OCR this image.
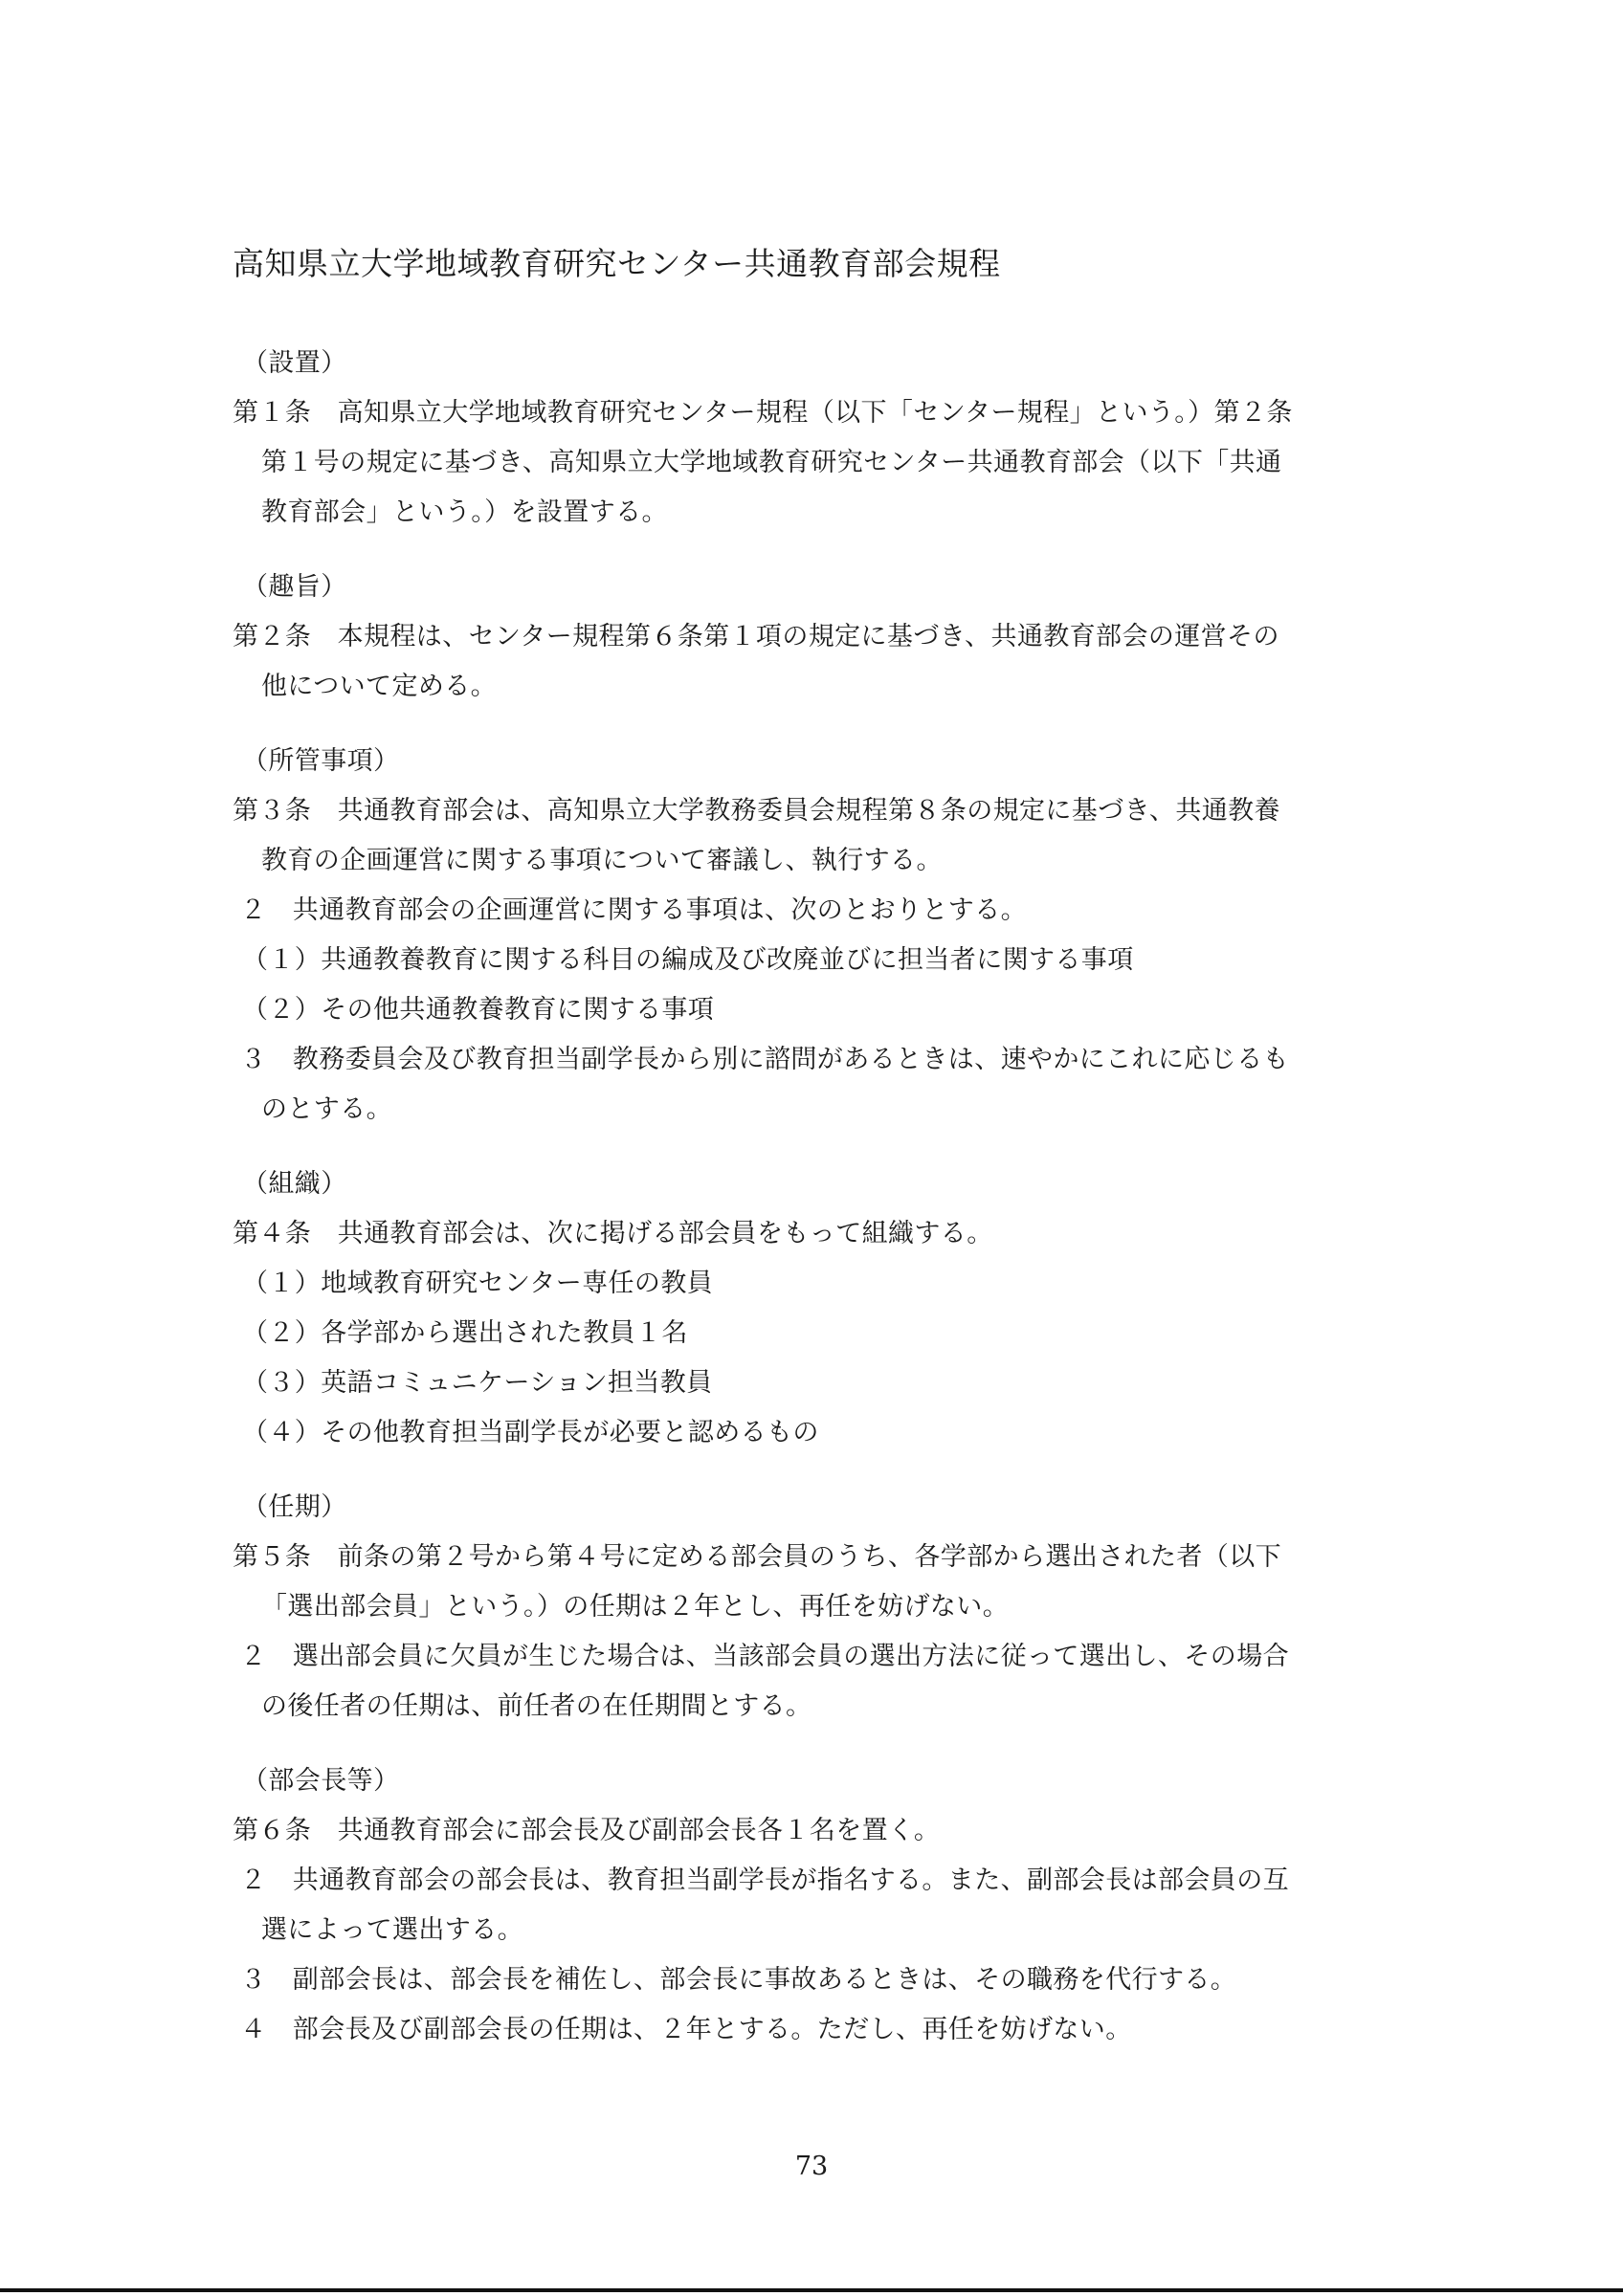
高知県立大学地域教育研究センター共通教育部会規程
（設置）
第１条　高知県立大学地域教育研究センター規程（以下「センター規程」という。）第２条
第１号の規定に基づき、高知県立大学地域教育研究センター共通教育部会（以下「共通
教育部会」という。）を設置する。
（趣旨）
第２条　本規程は、センター規程第６条第１項の規定に基づき、共通教育部会の運営その
他について定める。
（所管事項）
第３条　共通教育部会は、高知県立大学教務委員会規程第８条の規定に基づき、共通教養
教育の企画運営に関する事項について審議し、執行する。
２　共通教育部会の企画運営に関する事項は、次のとおりとする。
（１）共通教養教育に関する科目の編成及び改廃並びに担当者に関する事項
（２）その他共通教養教育に関する事項
３　教務委員会及び教育担当副学長から別に諮問があるときは、速やかにこれに応じるも
のとする。
（組織）
第４条　共通教育部会は、次に掲げる部会員をもって組織する。
（１）地域教育研究センター専任の教員
（２）各学部から選出された教員１名
（３）英語コミュニケーション担当教員
（４）その他教育担当副学長が必要と認めるもの
（任期）
第５条　前条の第２号から第４号に定める部会員のうち、各学部から選出された者（以下
「選出部会員」という。）の任期は２年とし、再任を妨げない。
２　選出部会員に欠員が生じた場合は、当該部会員の選出方法に従って選出し、その場合
の後任者の任期は、前任者の在任期間とする。
（部会長等）
第６条　共通教育部会に部会長及び副部会長各１名を置く。
２　共通教育部会の部会長は、教育担当副学長が指名する。また、副部会長は部会員の互
選によって選出する。
３　副部会長は、部会長を補佐し、部会長に事故あるときは、その職務を代行する。
４　部会長及び副部会長の任期は、２年とする。ただし、再任を妨げない。
73
